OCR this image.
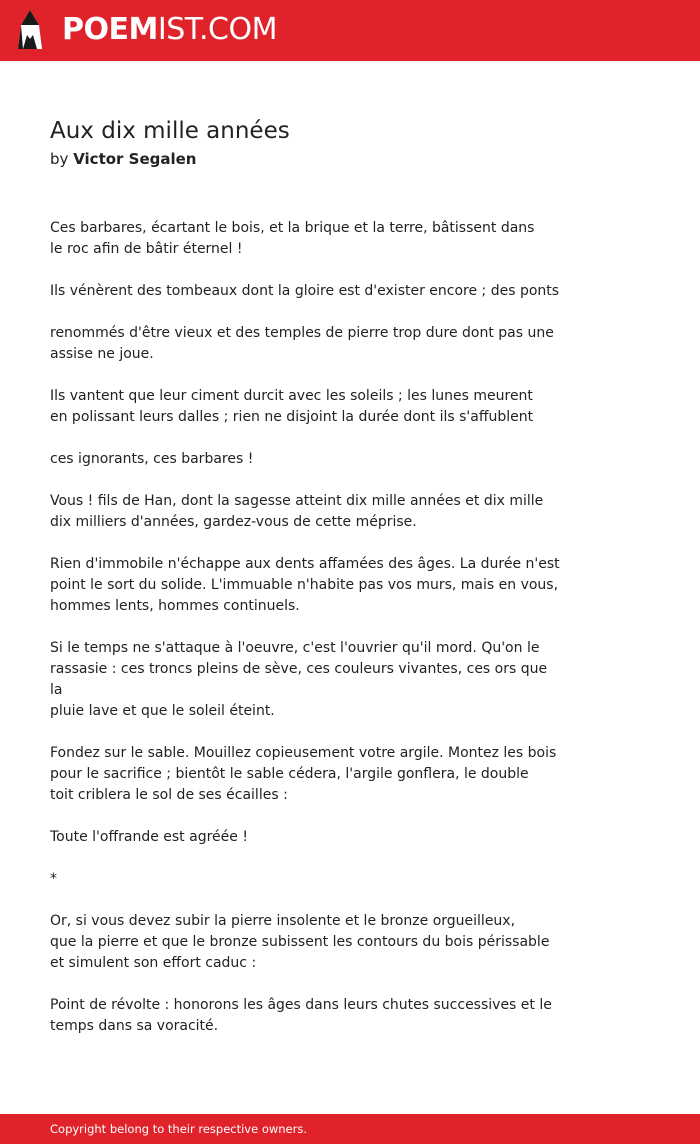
POEMIST.COM
Aux dix mille années
by Victor Segalen
Ces barbares, écartant le bois, et la brique et la terre, bâtissent dans
le roc afin de bâtir éternel !
Ils vénèrent des tombeaux dont la gloire est d'exister encore ; des ponts
renommés d'être vieux et des temples de pierre trop dure dont pas une
assise ne joue.
Ils vantent que leur ciment durcit avec les soleils ; les lunes meurent
en polissant leurs dalles ; rien ne disjoint la durée dont ils s'affublent
ces ignorants, ces barbares !
Vous ! fils de Han, dont la sagesse atteint dix mille années et dix mille
dix milliers d'années, gardez-vous de cette méprise.
Rien d'immobile n'échappe aux dents affamées des âges. La durée n'est
point le sort du solide. L'immuable n'habite pas vos murs, mais en vous,
hommes lents, hommes continuels.
Si le temps ne s'attaque à l'oeuvre, c'est l'ouvrier qu'il mord. Qu'on le
rassasie : ces troncs pleins de sève, ces couleurs vivantes, ces ors que
la
pluie lave et que le soleil éteint.
Fondez sur le sable. Mouillez copieusement votre argile. Montez les bois
pour le sacrifice ; bientôt le sable cédera, l'argile gonflera, le double
toit criblera le sol de ses écailles :
Toute l'offrande est agréée !
*
Or, si vous devez subir la pierre insolente et le bronze orgueilleux,
que la pierre et que le bronze subissent les contours du bois périssable
et simulent son effort caduc :
Point de révolte : honorons les âges dans leurs chutes successives et le
temps dans sa voracité.
Copyright belong to their respective owners.
